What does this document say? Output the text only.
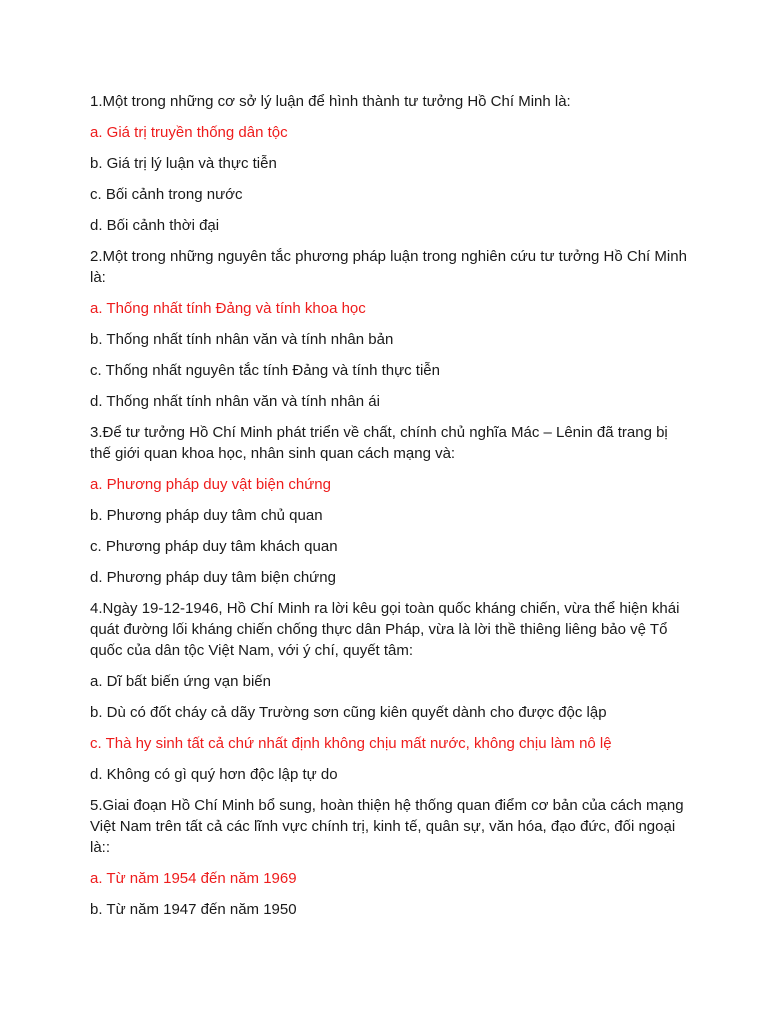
1.Một trong những cơ sở lý luận để hình thành tư tưởng Hồ Chí Minh là:

a. Giá trị truyền thống dân tộc

b. Giá trị lý luận và thực tiễn

c. Bối cảnh trong nước

d. Bối cảnh thời đại

2.Một trong những nguyên tắc phương pháp luận trong nghiên cứu tư tưởng Hồ Chí Minh là:

a. Thống nhất tính Đảng và tính khoa học

b. Thống nhất tính nhân văn và tính nhân bản

c. Thống nhất nguyên tắc tính Đảng và tính thực tiễn

d. Thống nhất tính nhân văn và tính nhân ái

3.Để tư tưởng Hồ Chí Minh phát triển về chất, chính chủ nghĩa Mác – Lênin đã trang bị thế giới quan khoa học, nhân sinh quan cách mạng và:

a. Phương pháp duy vật biện chứng

b. Phương pháp duy tâm chủ quan

c. Phương pháp duy tâm khách quan

d. Phương pháp duy tâm biện chứng

4.Ngày 19-12-1946, Hồ Chí Minh ra lời kêu gọi toàn quốc kháng chiến, vừa thể hiện khái quát đường lối kháng chiến chống thực dân Pháp, vừa là lời thề thiêng liêng bảo vệ Tổ quốc của dân tộc Việt Nam, với ý chí, quyết tâm:

a. Dĩ bất biến ứng vạn biến

b. Dù có đốt cháy cả dãy Trường sơn cũng kiên quyết dành cho được độc lập

c. Thà hy sinh tất cả chứ nhất định không chịu mất nước, không chịu làm nô lệ

d. Không có gì quý hơn độc lập tự do

5.Giai đoạn Hồ Chí Minh bổ sung, hoàn thiện hệ thống quan điểm cơ bản của cách mạng Việt Nam trên tất cả các lĩnh vực chính trị, kinh tế, quân sự, văn hóa, đạo đức, đối ngoại là::

a. Từ năm 1954 đến năm 1969

b. Từ năm 1947 đến năm 1950
